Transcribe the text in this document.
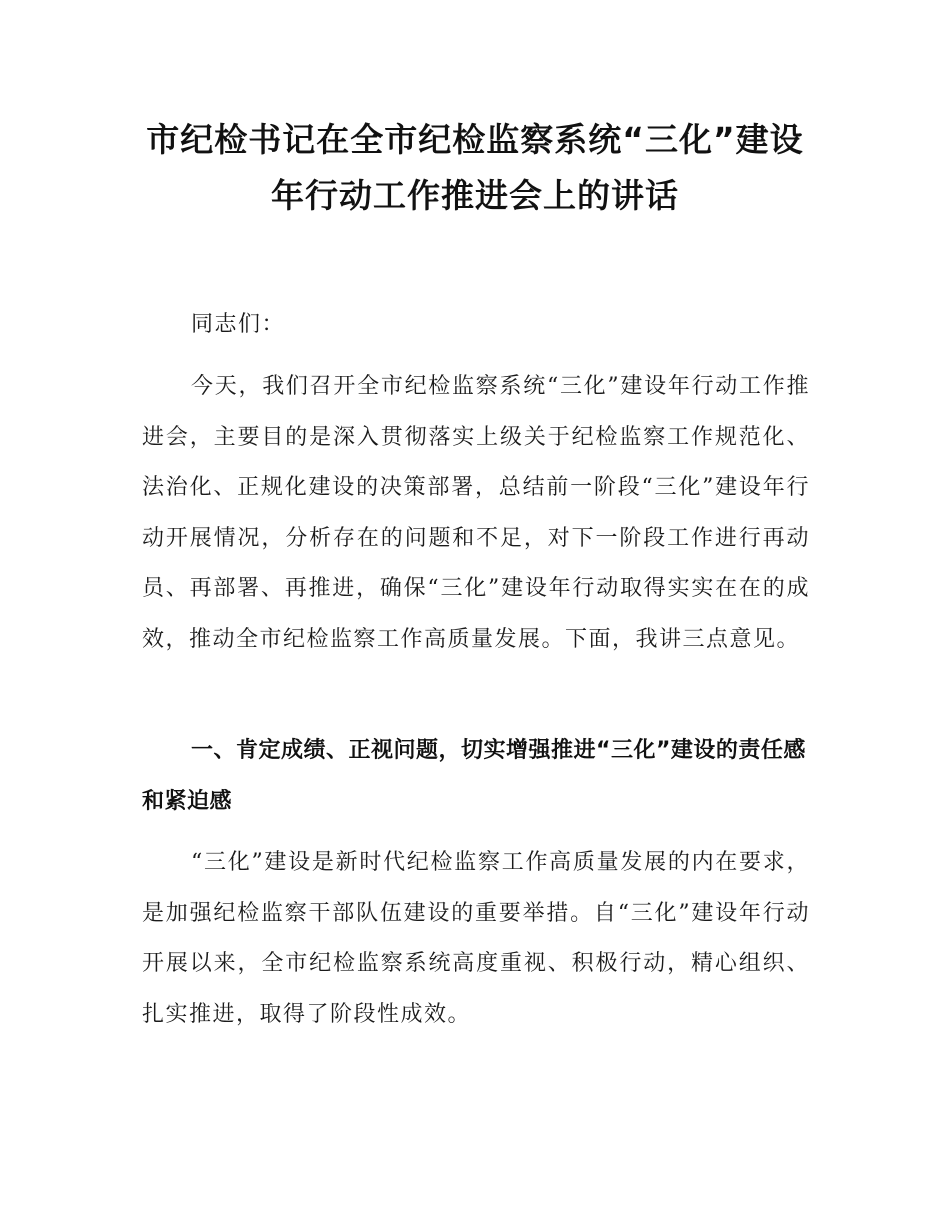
市纪检书记在全市纪检监察系统“三化”建设年行动工作推进会上的讲话

同志们：

今天，我们召开全市纪检监察系统“三化”建设年行动工作推进会，主要目的是深入贯彻落实上级关于纪检监察工作规范化、法治化、正规化建设的决策部署，总结前一阶段“三化”建设年行动开展情况，分析存在的问题和不足，对下一阶段工作进行再动员、再部署、再推进，确保“三化”建设年行动取得实实在在的成效，推动全市纪检监察工作高质量发展。下面，我讲三点意见。

一、肯定成绩、正视问题，切实增强推进“三化”建设的责任感和紧迫感

“三化”建设是新时代纪检监察工作高质量发展的内在要求，是加强纪检监察干部队伍建设的重要举措。自“三化”建设年行动开展以来，全市纪检监察系统高度重视、积极行动，精心组织、扎实推进，取得了阶段性成效。
